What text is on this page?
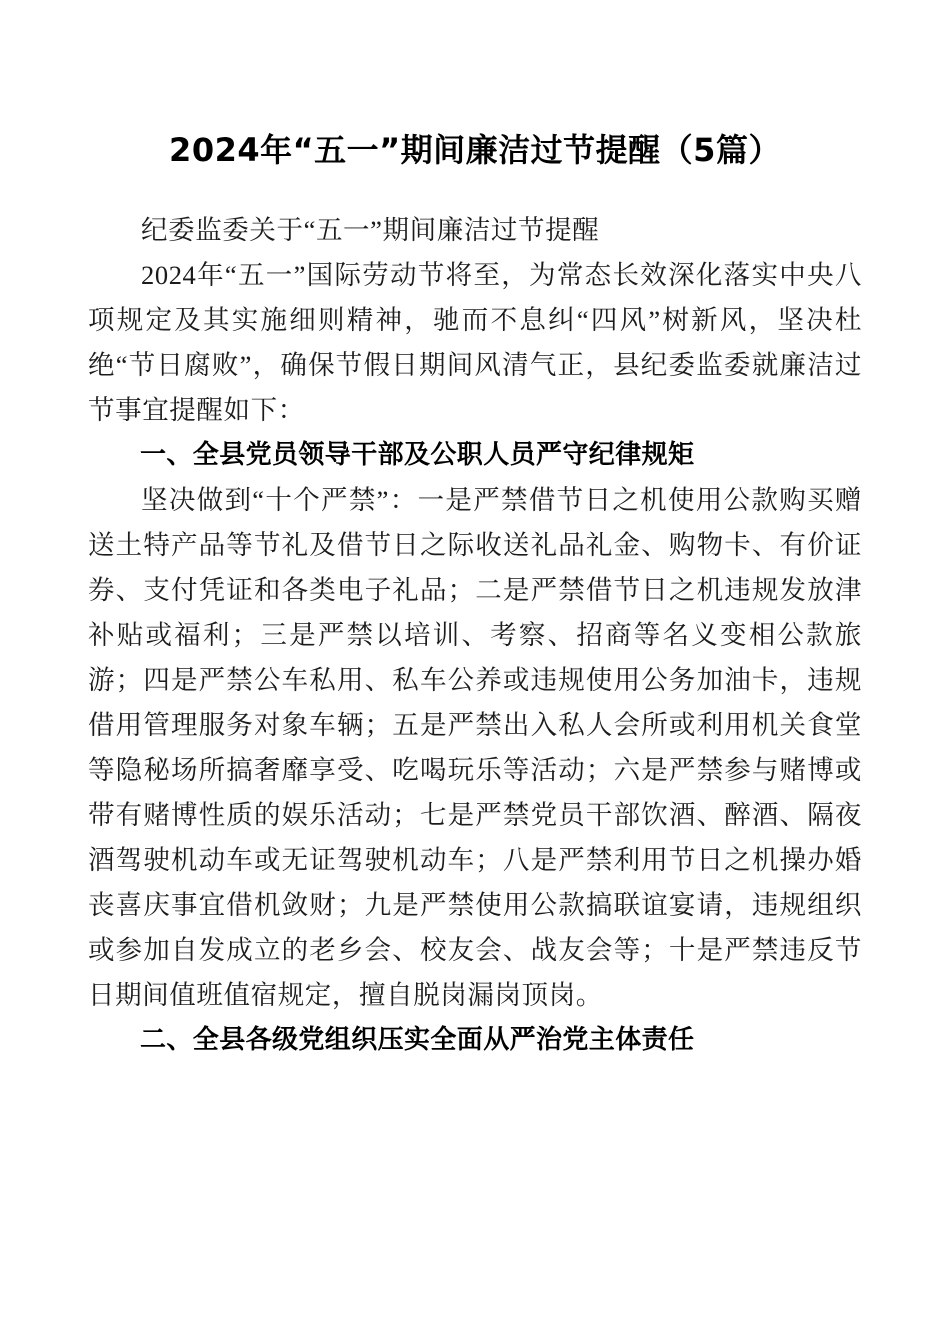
2024年“五一”期间廉洁过节提醒（5篇）

纪委监委关于“五一”期间廉洁过节提醒

2024年“五一”国际劳动节将至，为常态长效深化落实中央八项规定及其实施细则精神，驰而不息纠“四风”树新风，坚决杜绝“节日腐败”，确保节假日期间风清气正，县纪委监委就廉洁过节事宜提醒如下：

一、全县党员领导干部及公职人员严守纪律规矩

坚决做到“十个严禁”：一是严禁借节日之机使用公款购买赠送土特产品等节礼及借节日之际收送礼品礼金、购物卡、有价证券、支付凭证和各类电子礼品；二是严禁借节日之机违规发放津补贴或福利；三是严禁以培训、考察、招商等名义变相公款旅游；四是严禁公车私用、私车公养或违规使用公务加油卡，违规借用管理服务对象车辆；五是严禁出入私人会所或利用机关食堂等隐秘场所搞奢靡享受、吃喝玩乐等活动；六是严禁参与赌博或带有赌博性质的娱乐活动；七是严禁党员干部饮酒、醉酒、隔夜酒驾驶机动车或无证驾驶机动车；八是严禁利用节日之机操办婚丧喜庆事宜借机敛财；九是严禁使用公款搞联谊宴请，违规组织或参加自发成立的老乡会、校友会、战友会等；十是严禁违反节日期间值班值宿规定，擅自脱岗漏岗顶岗。

二、全县各级党组织压实全面从严治党主体责任
